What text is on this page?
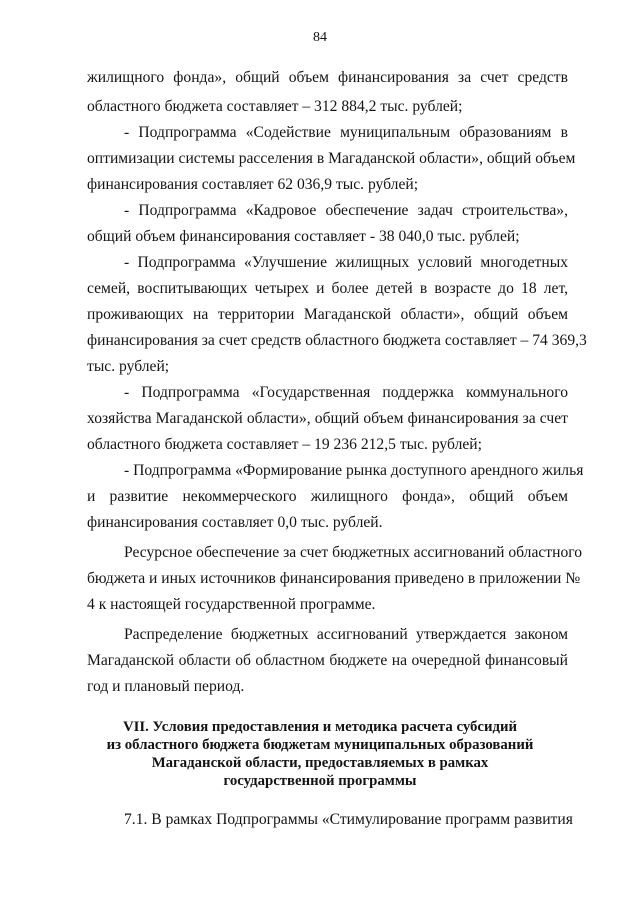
84
жилищного фонда», общий объем финансирования за счет средств
областного бюджета составляет – 312 884,2 тыс. рублей;
- Подпрограмма «Содействие муниципальным образованиям в
оптимизации системы расселения в Магаданской области», общий объем
финансирования составляет 62 036,9 тыс. рублей;
- Подпрограмма «Кадровое обеспечение задач строительства»,
общий объем финансирования составляет - 38 040,0 тыс. рублей;
- Подпрограмма «Улучшение жилищных условий многодетных
семей, воспитывающих четырех и более детей в возрасте до 18 лет,
проживающих на территории Магаданской области», общий объем
финансирования за счет средств областного бюджета составляет – 74 369,3
тыс. рублей;
- Подпрограмма «Государственная поддержка коммунального
хозяйства Магаданской области», общий объем финансирования за счет
областного бюджета составляет – 19 236 212,5 тыс. рублей;
- Подпрограмма «Формирование рынка доступного арендного жилья
и развитие некоммерческого жилищного фонда», общий объем
финансирования составляет 0,0 тыс. рублей.
Ресурсное обеспечение за счет бюджетных ассигнований областного
бюджета и иных источников финансирования приведено в приложении №
4 к настоящей государственной программе.
Распределение бюджетных ассигнований утверждается законом
Магаданской области об областном бюджете на очередной финансовый
год и плановый период.
VII. Условия предоставления и методика расчета субсидий
из областного бюджета бюджетам муниципальных образований
Магаданской области, предоставляемых в рамках
государственной программы
7.1. В рамках Подпрограммы «Стимулирование программ развития
